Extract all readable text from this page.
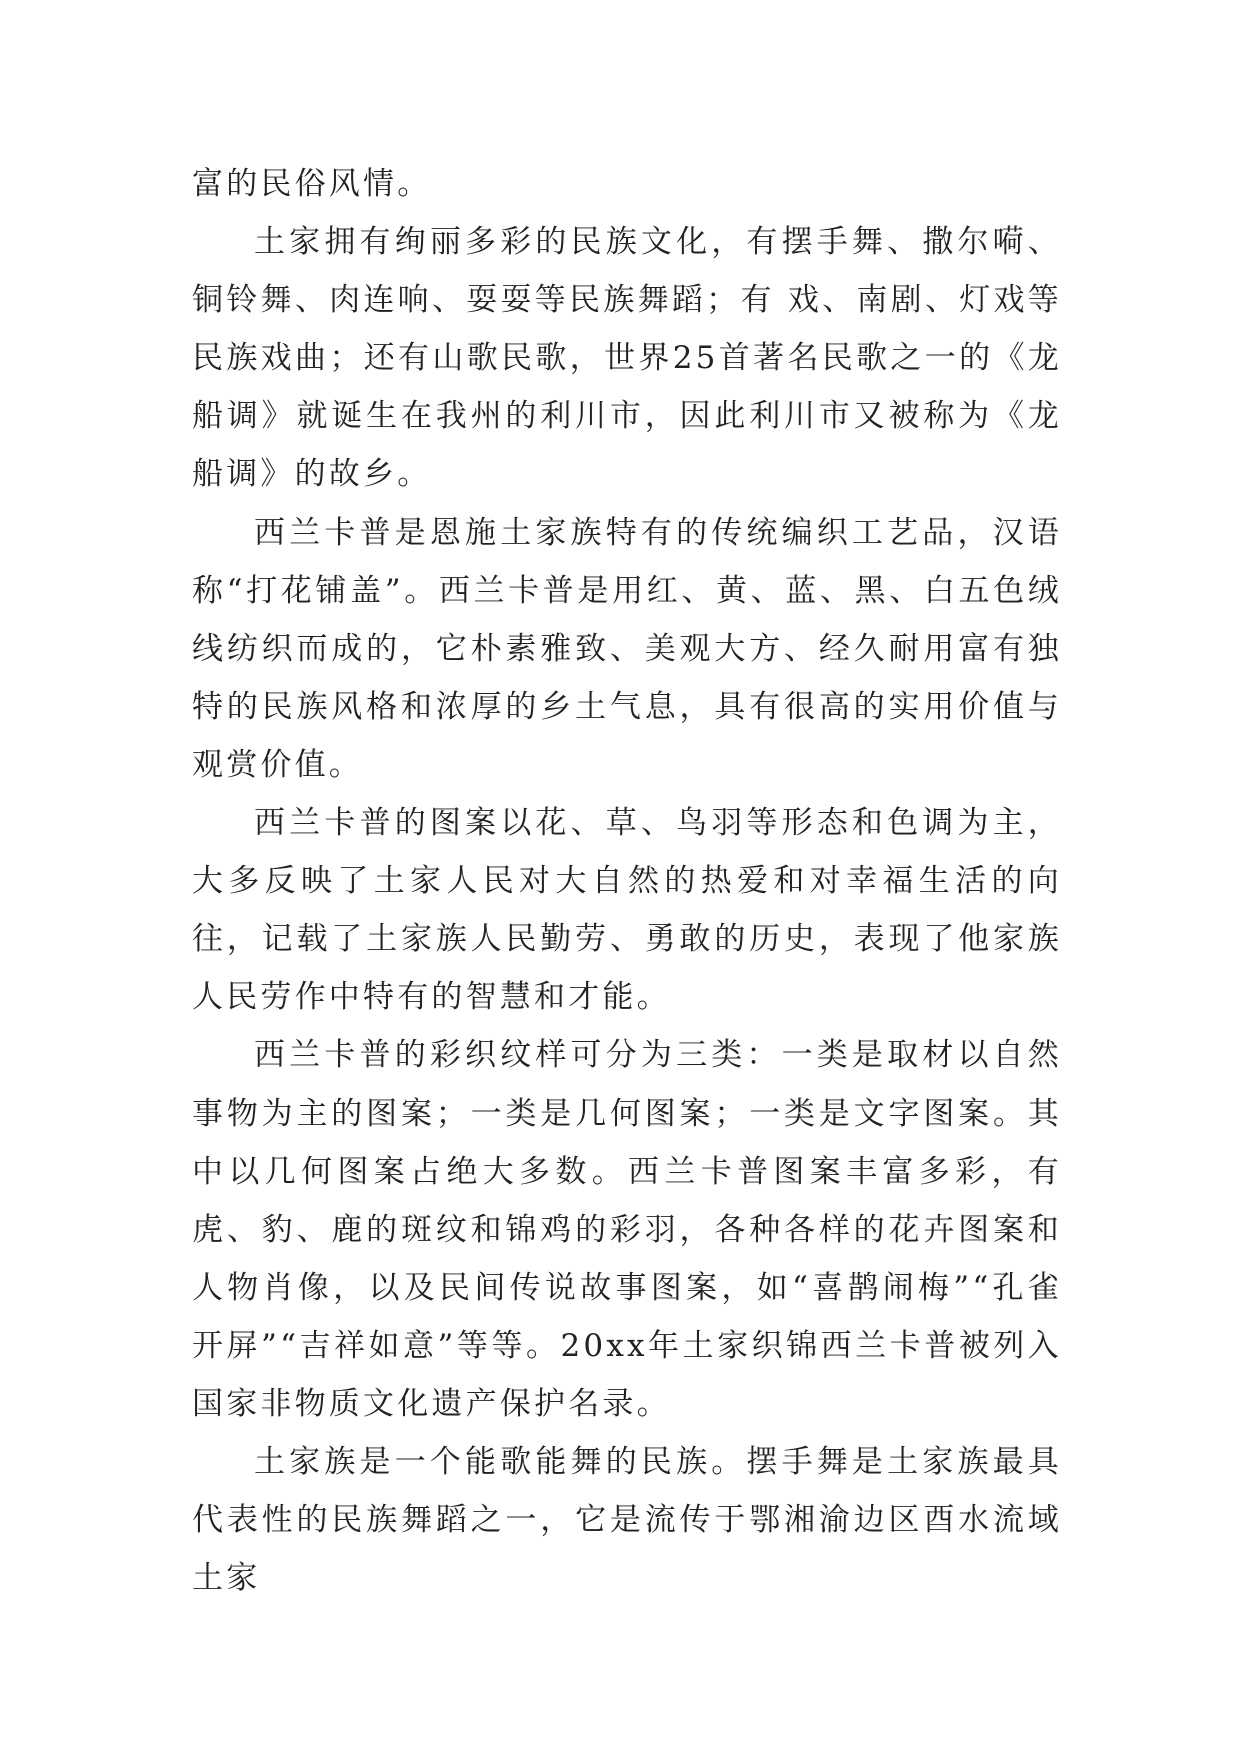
富的民俗风情。

土家拥有绚丽多彩的民族文化，有摆手舞、撒尔嗬、铜铃舞、肉连响、耍耍等民族舞蹈；有 戏、南剧、灯戏等民族戏曲；还有山歌民歌，世界25首著名民歌之一的《龙船调》就诞生在我州的利川市，因此利川市又被称为《龙船调》的故乡。

西兰卡普是恩施土家族特有的传统编织工艺品，汉语称“打花铺盖”。西兰卡普是用红、黄、蓝、黑、白五色绒线纺织而成的，它朴素雅致、美观大方、经久耐用富有独特的民族风格和浓厚的乡土气息，具有很高的实用价值与观赏价值。

西兰卡普的图案以花、草、鸟羽等形态和色调为主，大多反映了土家人民对大自然的热爱和对幸福生活的向往，记载了土家族人民勤劳、勇敢的历史，表现了他家族人民劳作中特有的智慧和才能。

西兰卡普的彩织纹样可分为三类：一类是取材以自然事物为主的图案；一类是几何图案；一类是文字图案。其中以几何图案占绝大多数。西兰卡普图案丰富多彩，有虎、豹、鹿的斑纹和锦鸡的彩羽，各种各样的花卉图案和人物肖像，以及民间传说故事图案，如“喜鹊闹梅”“孔雀开屏”“吉祥如意”等等。20xx年土家织锦西兰卡普被列入国家非物质文化遗产保护名录。

土家族是一个能歌能舞的民族。摆手舞是土家族最具代表性的民族舞蹈之一，它是流传于鄂湘渝边区酉水流域土家
